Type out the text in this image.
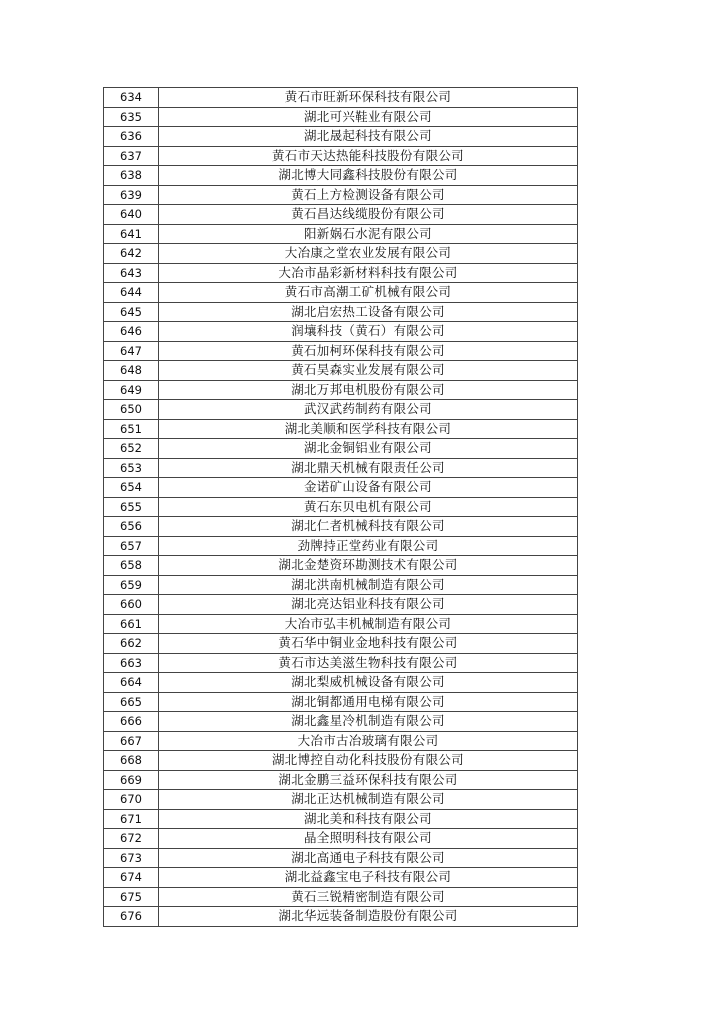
634	黄石市旺新环保科技有限公司
635	湖北可兴鞋业有限公司
636	湖北晟起科技有限公司
637	黄石市天达热能科技股份有限公司
638	湖北博大同鑫科技股份有限公司
639	黄石上方检测设备有限公司
640	黄石昌达线缆股份有限公司
641	阳新娲石水泥有限公司
642	大冶康之堂农业发展有限公司
643	大冶市晶彩新材料科技有限公司
644	黄石市高潮工矿机械有限公司
645	湖北启宏热工设备有限公司
646	润壤科技（黄石）有限公司
647	黄石加柯环保科技有限公司
648	黄石昊森实业发展有限公司
649	湖北万邦电机股份有限公司
650	武汉武药制药有限公司
651	湖北美顺和医学科技有限公司
652	湖北金铜铝业有限公司
653	湖北鼎天机械有限责任公司
654	金诺矿山设备有限公司
655	黄石东贝电机有限公司
656	湖北仁者机械科技有限公司
657	劲牌持正堂药业有限公司
658	湖北金楚资环勘测技术有限公司
659	湖北洪南机械制造有限公司
660	湖北亮达铝业科技有限公司
661	大冶市弘丰机械制造有限公司
662	黄石华中铜业金地科技有限公司
663	黄石市达美滋生物科技有限公司
664	湖北梨威机械设备有限公司
665	湖北铜都通用电梯有限公司
666	湖北鑫星冷机制造有限公司
667	大冶市古冶玻璃有限公司
668	湖北博控自动化科技股份有限公司
669	湖北金鹏三益环保科技有限公司
670	湖北正达机械制造有限公司
671	湖北美和科技有限公司
672	晶全照明科技有限公司
673	湖北高通电子科技有限公司
674	湖北益鑫宝电子科技有限公司
675	黄石三锐精密制造有限公司
676	湖北华远装备制造股份有限公司
